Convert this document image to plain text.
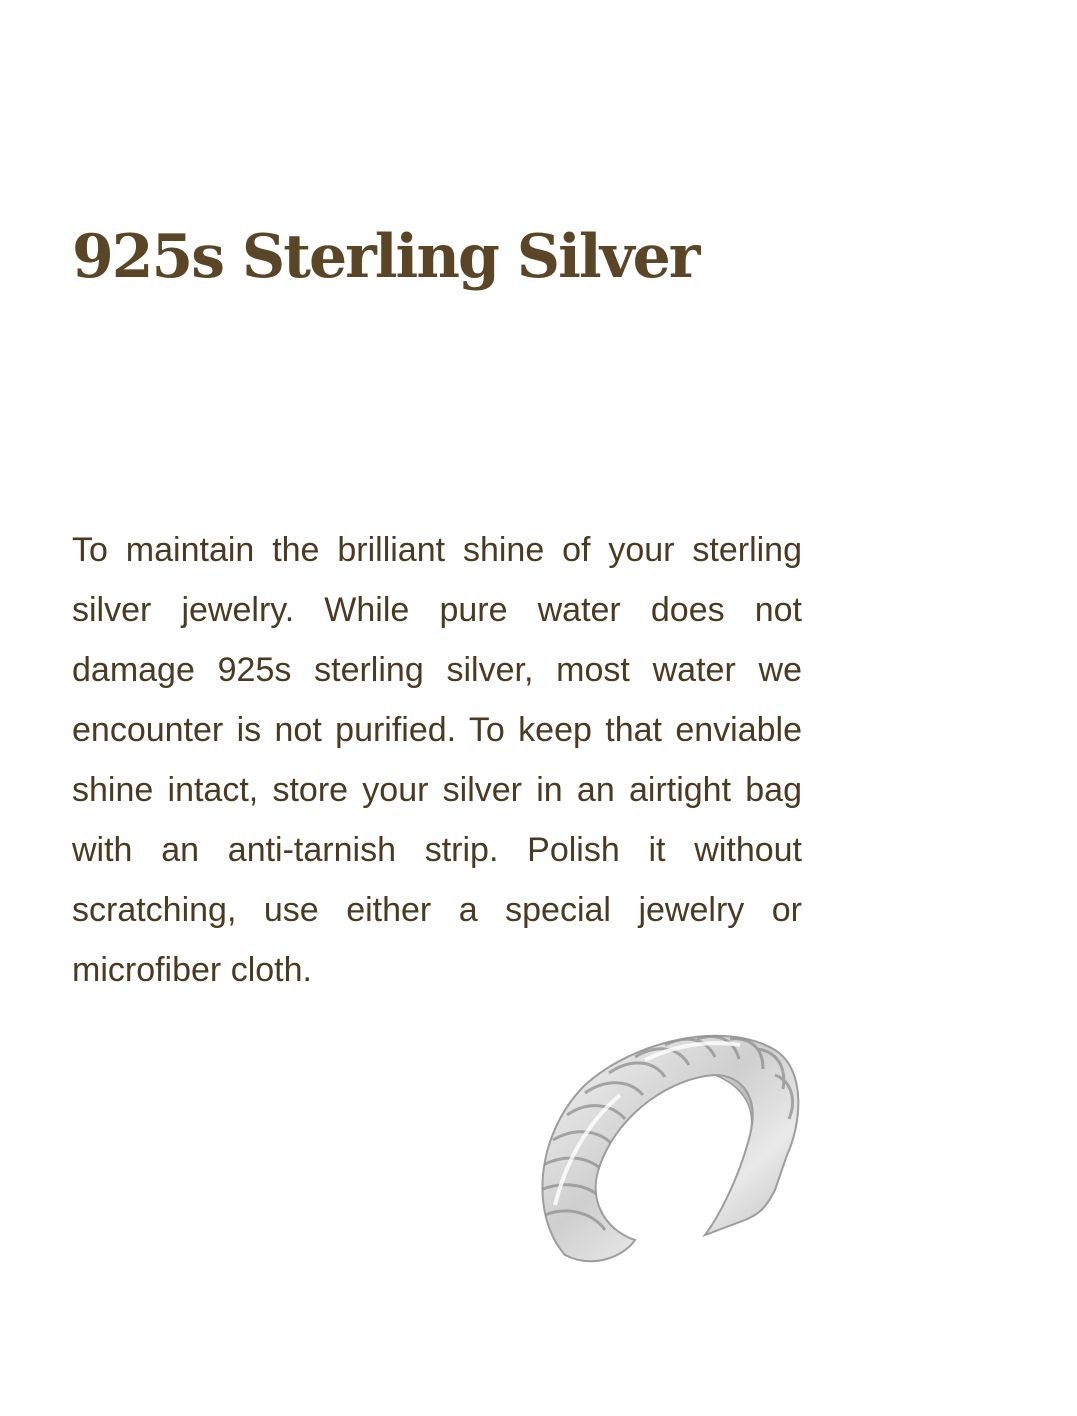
925s Sterling Silver

To maintain the brilliant shine of your sterling silver jewelry. While pure water does not damage 925s sterling silver, most water we encounter is not purified. To keep that enviable shine intact, store your silver in an airtight bag with an anti-tarnish strip. Polish it without scratching, use either a special jewelry or microfiber cloth.
